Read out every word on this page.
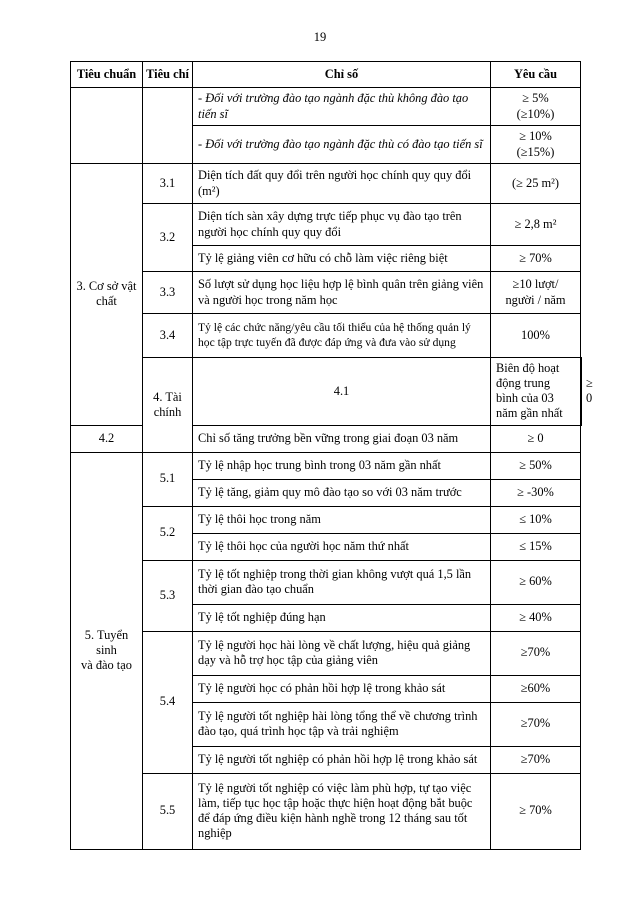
19
Tiêu chuẩn	Tiêu chí	Chỉ số	Yêu cầu	
		- Đối với trường đào tạo ngành đặc thù không đào tạo tiến sĩ	≥ 5%
(≥10%)	
		- Đối với trường đào tạo ngành đặc thù có đào tạo tiến sĩ	≥ 10%
(≥15%)	
3. Cơ sở vật chất	3.1	Diện tích đất quy đổi trên người học chính quy quy đổi (m²)	(≥ 25 m²)	
	3.2	Diện tích sàn xây dựng trực tiếp phục vụ đào tạo trên người học chính quy quy đổi	≥ 2,8 m²	
		Tỷ lệ giảng viên cơ hữu có chỗ làm việc riêng biệt	≥ 70%	
	3.3	Số lượt sử dụng học liệu hợp lệ bình quân trên giảng viên và người học trong năm học	≥10 lượt/
người / năm	
	3.4	Tỷ lệ các chức năng/yêu cầu tối thiểu của hệ thống quản lý học tập trực tuyến đã được đáp ứng và đưa vào sử dụng	100%	
	4. Tài chính	4.1	Biên độ hoạt động trung bình của 03 năm gần nhất	≥ 0
4.2		Chỉ số tăng trưởng bền vững trong giai đoạn 03 năm	≥ 0	
5. Tuyển sinh
và đào tạo	5.1	Tỷ lệ nhập học trung bình trong 03 năm gần nhất	≥ 50%	
		Tỷ lệ tăng, giảm quy mô đào tạo so với 03 năm trước	≥ -30%	
	5.2	Tỷ lệ thôi học trong năm	≤ 10%	
		Tỷ lệ thôi học của người học năm thứ nhất	≤ 15%	
	5.3	Tỷ lệ tốt nghiệp trong thời gian không vượt quá 1,5 lần thời gian đào tạo chuẩn	≥ 60%	
		Tỷ lệ tốt nghiệp đúng hạn	≥ 40%	
	5.4	Tỷ lệ người học hài lòng về chất lượng, hiệu quả giảng dạy và hỗ trợ học tập của giảng viên	≥70%	
		Tỷ lệ người học có phản hồi hợp lệ trong khảo sát	≥60%	
		Tỷ lệ người tốt nghiệp hài lòng tổng thể về chương trình đào tạo, quá trình học tập và trải nghiệm	≥70%	
		Tỷ lệ người tốt nghiệp có phản hồi hợp lệ trong khảo sát	≥70%	
	5.5	Tỷ lệ người tốt nghiệp có việc làm phù hợp, tự tạo việc làm, tiếp tục học tập hoặc thực hiện hoạt động bắt buộc để đáp ứng điều kiện hành nghề trong 12 tháng sau tốt nghiệp	≥ 70%	
